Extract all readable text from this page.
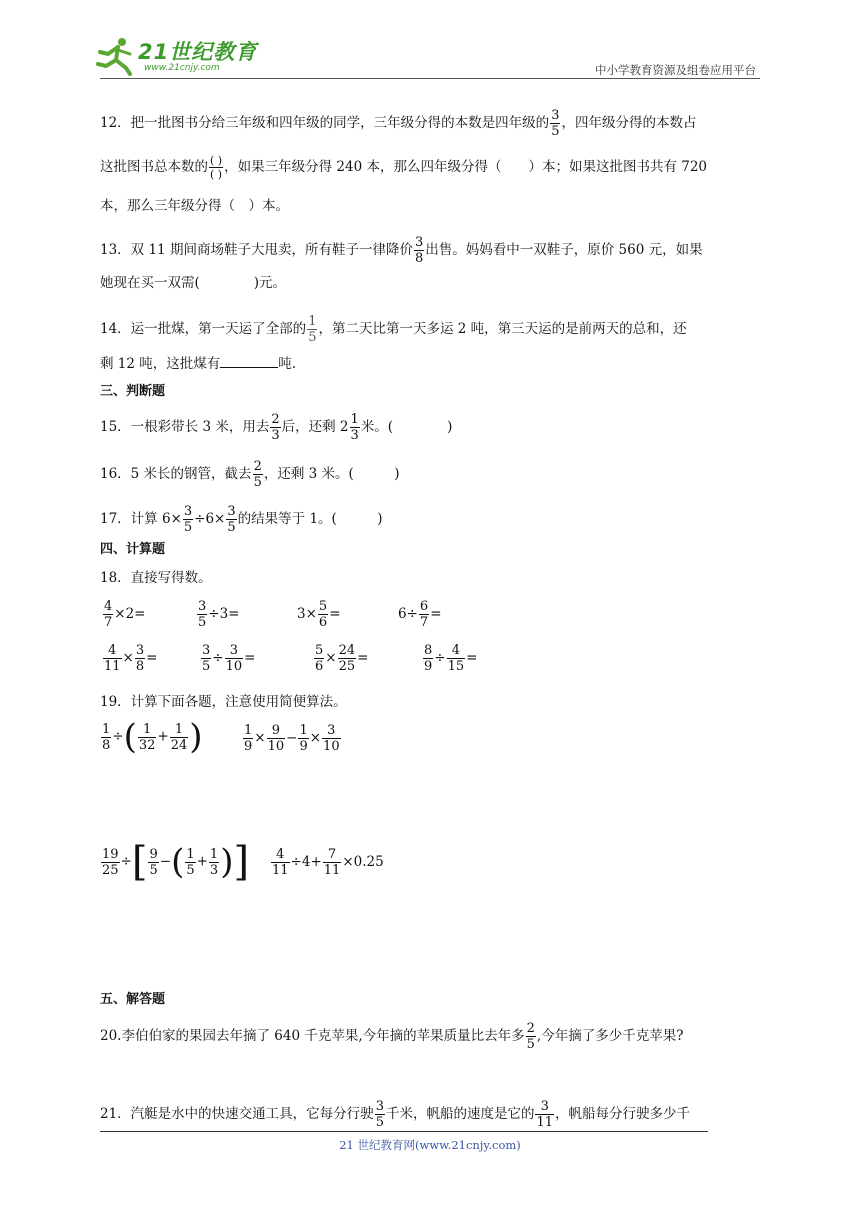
21世纪教育
www.21cnjy.com	中小学教育资源及组卷应用平台
12．把一批图书分给三年级和四年级的同学，三年级分得的本数是四年级的 $\frac{3}{5}$ ，四年级分得的本数占
这批图书总本数的 $\frac{( )}{( )}$ ，如果三年级分得 240 本，那么四年级分得（　　）本；如果这批图书共有 720
本，那么三年级分得（　）本。
13．双 11 期间商场鞋子大甩卖，所有鞋子一律降价 $\frac{3}{8}$ 出售。妈妈看中一双鞋子，原价 560 元，如果
她现在买一双需(　　　　)元。
14．运一批煤，第一天运了全部的 $\frac{1}{5}$ ，第二天比第一天多运 2 吨，第三天运的是前两天的总和，还
剩 12 吨，这批煤有	吨.
三、判断题
15．一根彩带长 3 米，用去 $\frac{2}{3}$ 后，还剩 $2 \frac{1}{3}$ 米。(　　　　)
16．5 米长的钢管，截去 $\frac{2}{5}$ ，还剩 3 米。(　　　)
17．计算 $6\times \frac{3}{5} \div 6\times \frac{3}{5}$ 的结果等于 1。(　　　)
四、计算题
18．直接写得数。
$\frac{4}{7} \times 2=$	$\frac{3}{5} \div 3=$	$3\times \frac{5}{6}$ =	$6\div \frac{6}{7}$ =
$\frac{4}{11} \times \frac{3}{8}$ =	$\frac{3}{5} \div \frac{3}{10}$ =	$\frac{5}{6} \times \frac{24}{25}$ =	$\frac{8}{9} \div \frac{4}{15}$ =
19．计算下面各题，注意使用简便算法。
$\frac{1}{8}$ ÷( $\frac{1}{32} + \frac{1}{24}$ )	$\frac{1}{9} \times \frac{9}{10} - \frac{1}{9} \times \frac{3}{10}$
$\frac{19}{25}$ ÷[ $\frac{9}{5}$ −( $\frac{1}{5} + \frac{1}{3}$ )] $\frac{4}{11} \div 4+ \frac{7}{11} \times 0.25$
五、解答题
20.李伯伯家的果园去年摘了 640 千克苹果,今年摘的苹果质量比去年多 $\frac{2}{5}$ ,今年摘了多少千克苹果?
21．汽艇是水中的快速交通工具，它每分行驶 $\frac{3}{5}$ 千米，帆船的速度是它的 $\frac{3}{11}$ ，帆船每分行驶多少千
21 世纪教育网(www.21cnjy.com)
